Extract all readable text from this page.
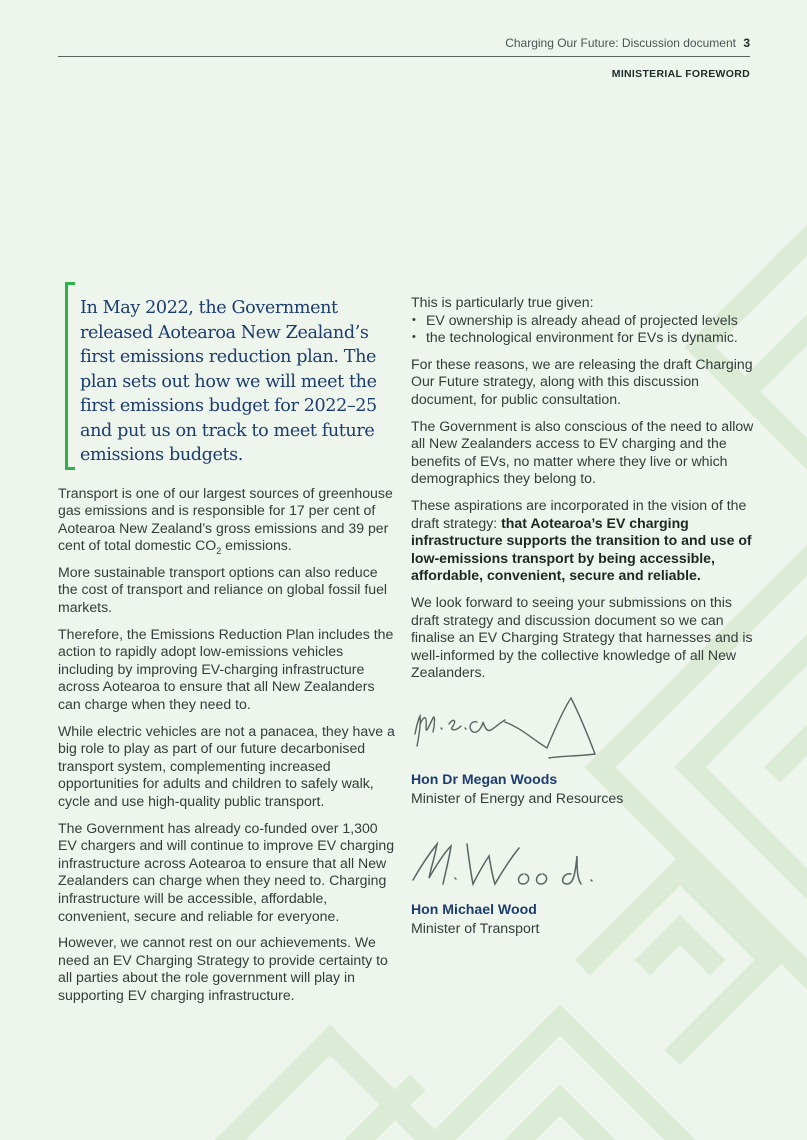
Charging Our Future: Discussion document 3
MINISTERIAL FOREWORD

In May 2022, the Government released Aotearoa New Zealand’s first emissions reduction plan. The plan sets out how we will meet the first emissions budget for 2022–25 and put us on track to meet future emissions budgets.

Transport is one of our largest sources of greenhouse gas emissions and is responsible for 17 per cent of Aotearoa New Zealand’s gross emissions and 39 per cent of total domestic $CO_2$ emissions.

More sustainable transport options can also reduce the cost of transport and reliance on global fossil fuel markets.

Therefore, the Emissions Reduction Plan includes the action to rapidly adopt low-emissions vehicles including by improving EV-charging infrastructure across Aotearoa to ensure that all New Zealanders can charge when they need to.

While electric vehicles are not a panacea, they have a big role to play as part of our future decarbonised transport system, complementing increased opportunities for adults and children to safely walk, cycle and use high-quality public transport.

The Government has already co-funded over 1,300 EV chargers and will continue to improve EV charging infrastructure across Aotearoa to ensure that all New Zealanders can charge when they need to. Charging infrastructure will be accessible, affordable, convenient, secure and reliable for everyone.

However, we cannot rest on our achievements. We need an EV Charging Strategy to provide certainty to all parties about the role government will play in supporting EV charging infrastructure.

This is particularly true given:

• EV ownership is already ahead of projected levels
• the technological environment for EVs is dynamic.

For these reasons, we are releasing the draft Charging Our Future strategy, along with this discussion document, for public consultation.

The Government is also conscious of the need to allow all New Zealanders access to EV charging and the benefits of EVs, no matter where they live or which demographics they belong to.

These aspirations are incorporated in the vision of the draft strategy: that Aotearoa’s EV charging infrastructure supports the transition to and use of low-emissions transport by being accessible, affordable, convenient, secure and reliable.

We look forward to seeing your submissions on this draft strategy and discussion document so we can finalise an EV Charging Strategy that harnesses and is well-informed by the collective knowledge of all New Zealanders.

Hon Dr Megan Woods
Minister of Energy and Resources
Hon Michael Wood
Minister of Transport
